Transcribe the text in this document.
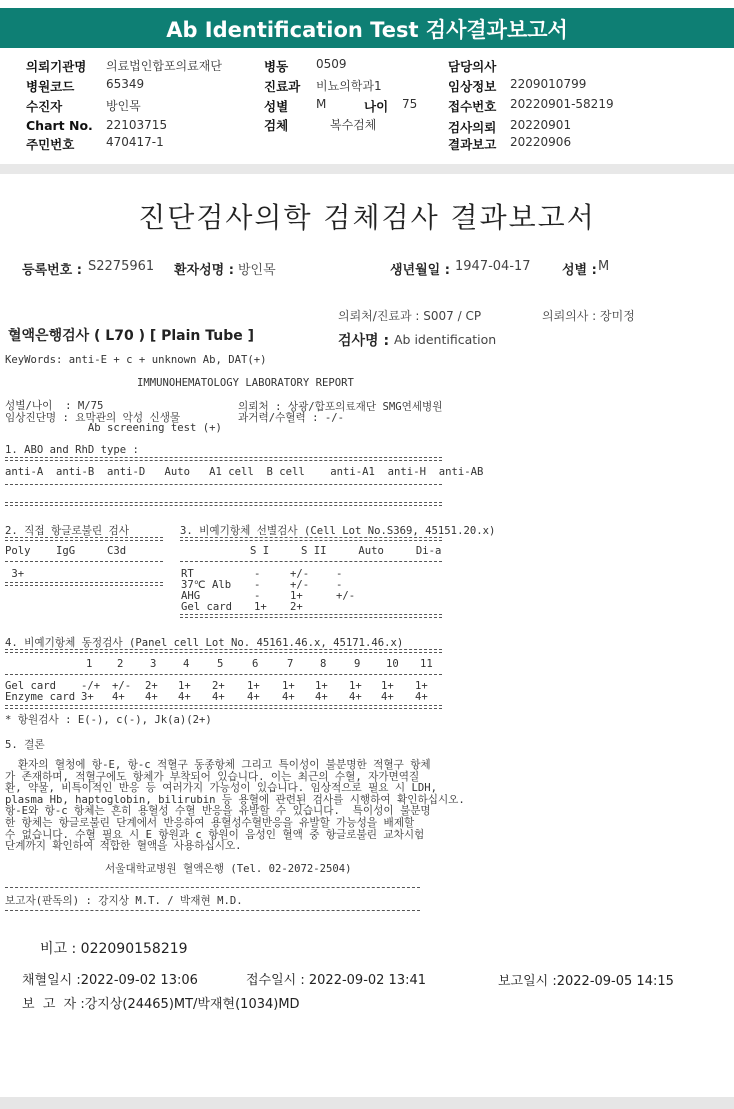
Ab Identification Test 검사결과보고서
의뢰기관명 의료법인합포의료재단
병원코드	65349
수진자	방인목
Chart No. 22103715
주민번호	470417-1
병동 0509
진료과 비뇨의학과1
성별 M	나이 75
검체	복수검체
담당의사
임상정보 2209010799
접수번호 20220901-58219
검사의뢰 20220901
결과보고 20220906
진단검사의학 검체검사 결과보고서
등록번호 : S2275961 환자성명 : 방인목	생년월일 : 1947-04-17 성별 : M
의뢰처/진료과 : S007 / CP	의뢰의사 : 장미정
혈액은행검사 ( L70 ) [ Plain Tube ]	검사명 : Ab identification
KeyWords: anti-E + c + unknown Ab, DAT(+)
IMMUNOHEMATOLOGY LABORATORY REPORT
성별/나이  : M/75
임상진단명 : 요막관의 악성 신생물
Ab screening test (+)
의뢰처 : 상광/합포의료재단 SMG연세병원
과거력/수혈력 : -/-
1. ABO and RhD type :
anti-A  anti-B  anti-D   Auto   A1 cell  B cell    anti-A1  anti-H  anti-AB
2. 직접 항글로불린 검사
Poly    IgG     C3d
3+
3. 비예기항체 선별검사 (Cell Lot No.S369, 45151.20.x)
S I     S II     Auto     Di-a
RT	-	+/-	-
37℃ Alb -	+/-	-
AHG	-	1+	+/-
Gel card 1+ 2+
4. 비예기항체 동정검사 (Panel cell Lot No. 45161.46.x, 45171.46.x)
1 2	3	4	5	6	7	8	9 10 11
Gel card -/+ +/- 2+ 1+ 2+ 1+ 1+ 1+ 1+ 1+ 1+
Enzyme card 3+ 4+ 4+ 4+ 4+ 4+ 4+ 4+ 4+ 4+ 4+
* 항원검사 : E(-), c(-), Jk(a)(2+)
5. 결론
환자의 혈청에 항-E, 항-c 적혈구 동종항체 그리고 특이성이 불분명한 적혈구 항체
가 존재하며, 적혈구에도 항체가 부착되어 있습니다. 이는 최근의 수혈, 자가면역질
환, 약물, 비특이적인 반응 등 여러가지 가능성이 있습니다. 임상적으로 필요 시 LDH,
plasma Hb, haptoglobin, bilirubin 등 용혈에 관련된 검사를 시행하여 확인하십시오.
항-E와 항-c 항체는 흔히 용혈성 수혈 반응을 유발할 수 있습니다.  특이성이 불분명
한 항체는 항글로불린 단계에서 반응하여 용혈성수혈반응을 유발할 가능성을 배제할
수 없습니다. 수혈 필요 시 E 항원과 c 항원이 음성인 혈액 중 항글로불린 교차시험
단계까지 확인하여 적합한 혈액을 사용하십시오.
서울대학교병원 혈액은행 (Tel. 02-2072-2504)
보고자(판독의) : 강지상 M.T. / 박재현 M.D.
비고 : 022090158219
채혈일시 :2022-09-02 13:06	접수일시 : 2022-09-02 13:41	보고일시 :2022-09-05 14:15
보  고  자 :강지상(24465)MT/박재현(1034)MD
